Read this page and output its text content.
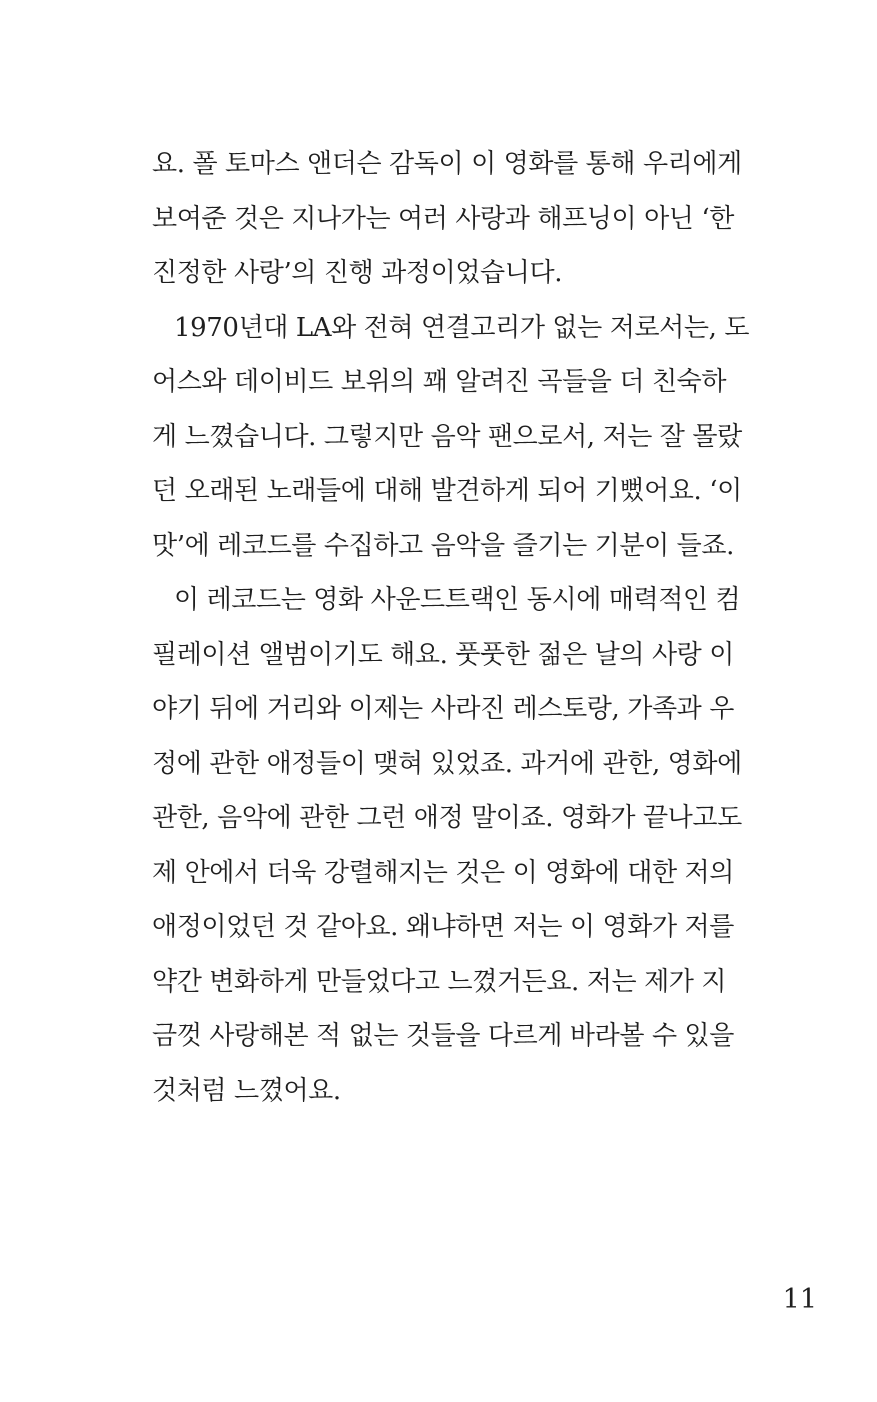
요. 폴 토마스 앤더슨 감독이 이 영화를 통해 우리에게
보여준 것은 지나가는 여러 사랑과 해프닝이 아닌 ‘한
진정한 사랑’의 진행 과정이었습니다.
1970년대 LA와 전혀 연결고리가 없는 저로서는, 도
어스와 데이비드 보위의 꽤 알려진 곡들을 더 친숙하
게 느꼈습니다. 그렇지만 음악 팬으로서, 저는 잘 몰랐
던 오래된 노래들에 대해 발견하게 되어 기뻤어요. ‘이
맛’에 레코드를 수집하고 음악을 즐기는 기분이 들죠.
이 레코드는 영화 사운드트랙인 동시에 매력적인 컴
필레이션 앨범이기도 해요. 풋풋한 젊은 날의 사랑 이
야기 뒤에 거리와 이제는 사라진 레스토랑, 가족과 우
정에 관한 애정들이 맺혀 있었죠. 과거에 관한, 영화에
관한, 음악에 관한 그런 애정 말이죠. 영화가 끝나고도
제 안에서 더욱 강렬해지는 것은 이 영화에 대한 저의
애정이었던 것 같아요. 왜냐하면 저는 이 영화가 저를
약간 변화하게 만들었다고 느꼈거든요. 저는 제가 지
금껏 사랑해본 적 없는 것들을 다르게 바라볼 수 있을
것처럼 느꼈어요.
11
